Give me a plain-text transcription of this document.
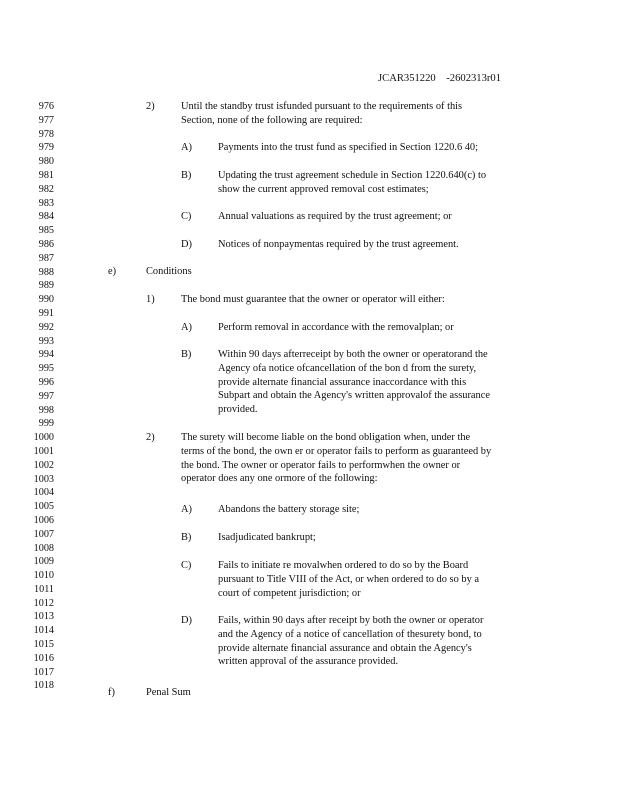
JCAR351220    -2602313r01
976
977
978
979
980
981
982
983
984
985
986
987
988
989
990
991
992
993
994
995
996
997
998
999
1000
1001
1002
1003
1004
1005
1006
1007
1008
1009
1010
1011
1012
1013
1014
1015
1016
1017
1018
2)	Until the standby trust isfunded pursuant to the requirements of this
Section, none of the following are required:
A)	Payments into the trust fund as specified in Section 1220.6 40;
B)	Updating the trust agreement schedule in Section 1220.640(c) to
show the current approved removal cost estimates;
C)	Annual valuations as required by the trust agreement; or
D)	Notices of nonpaymentas required by the trust agreement.
e)	Conditions
1)	The bond must guarantee that the owner or operator will either:
A)	Perform removal in accordance with the removalplan; or
B)	Within 90 days afterreceipt by both the owner or operatorand the
Agency ofa notice ofcancellation of the bon d from the surety,
provide alternate financial assurance inaccordance with this
Subpart and obtain the Agency's written approvalof the assurance
provided.
2)	The surety will become liable on the bond obligation when, under the
terms of the bond, the own er or operator fails to perform as guaranteed by
the bond. The owner or operator fails to performwhen the owner or
operator does any one ormore of the following:
A)	Abandons the battery storage site;
B)	Isadjudicated bankrupt;
C)	Fails to initiate re movalwhen ordered to do so by the Board
pursuant to Title VIII of the Act, or when ordered to do so by a
court of competent jurisdiction; or
D)	Fails, within 90 days after receipt by both the owner or operator
and the Agency of a notice of cancellation of thesurety bond, to
provide alternate financial assurance and obtain the Agency's
written approval of the assurance provided.
f)	Penal Sum
